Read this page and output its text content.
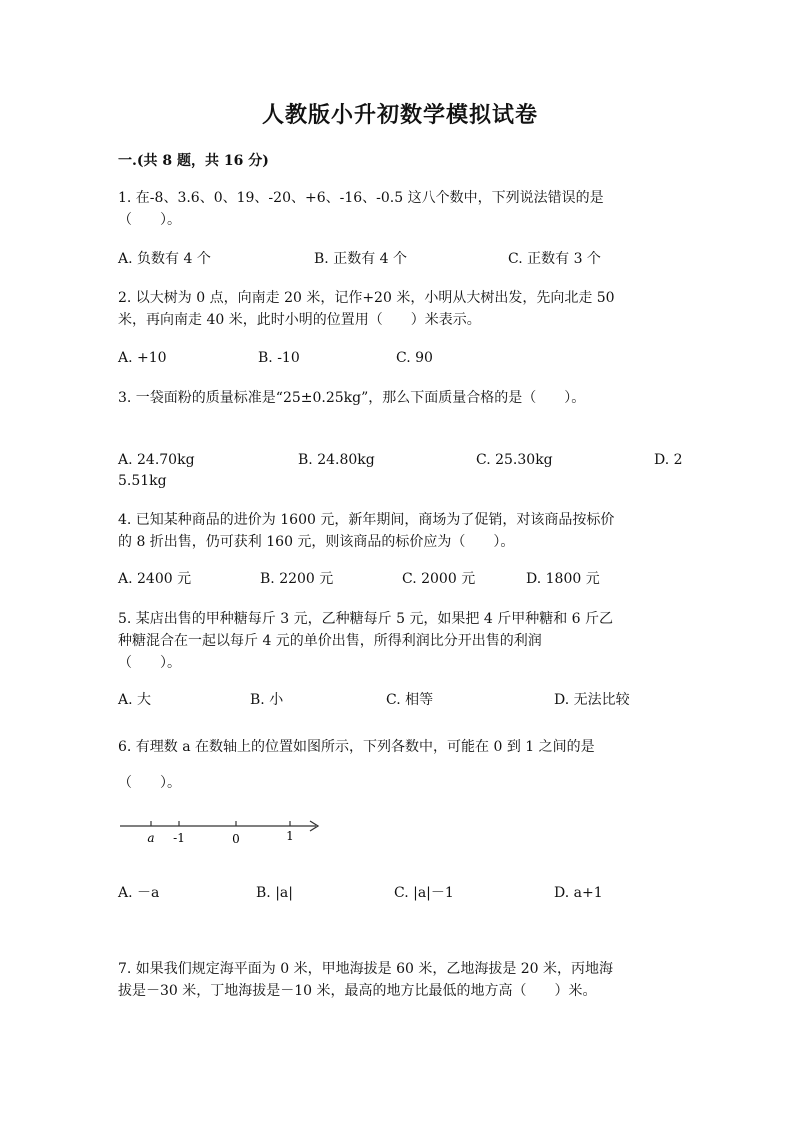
人教版小升初数学模拟试卷
一.(共 8 题，共 16 分)
1. 在-8、3.6、0、19、-20、+6、-16、-0.5 这八个数中，下列说法错误的是
（　　）。
A. 负数有 4 个	B. 正数有 4 个	C. 正数有 3 个
2. 以大树为 0 点，向南走 20 米，记作+20 米，小明从大树出发，先向北走 50
米，再向南走 40 米，此时小明的位置用（　　）米表示。
A. +10	B. -10	C. 90
3. 一袋面粉的质量标准是“25±0.25kg”，那么下面质量合格的是（　　）。
A. 24.70kg	B. 24.80kg	C. 25.30kg	D. 2
5.51kg
4. 已知某种商品的进价为 1600 元，新年期间，商场为了促销，对该商品按标价
的 8 折出售，仍可获利 160 元，则该商品的标价应为（　　）。
A. 2400 元	B. 2200 元	C. 2000 元	D. 1800 元
5. 某店出售的甲种糖每斤 3 元，乙种糖每斤 5 元，如果把 4 斤甲种糖和 6 斤乙
种糖混合在一起以每斤 4 元的单价出售，所得利润比分开出售的利润
（　　）。
A. 大	B. 小	C. 相等	D. 无法比较
6. 有理数 a 在数轴上的位置如图所示，下列各数中，可能在 0 到 1 之间的是
（　　）。
a -1	0	1
A. －a	B. |a|	C. |a|－1	D. a+1
7. 如果我们规定海平面为 0 米，甲地海拔是 60 米，乙地海拔是 20 米，丙地海
拔是－30 米，丁地海拔是－10 米，最高的地方比最低的地方高（　　）米。
